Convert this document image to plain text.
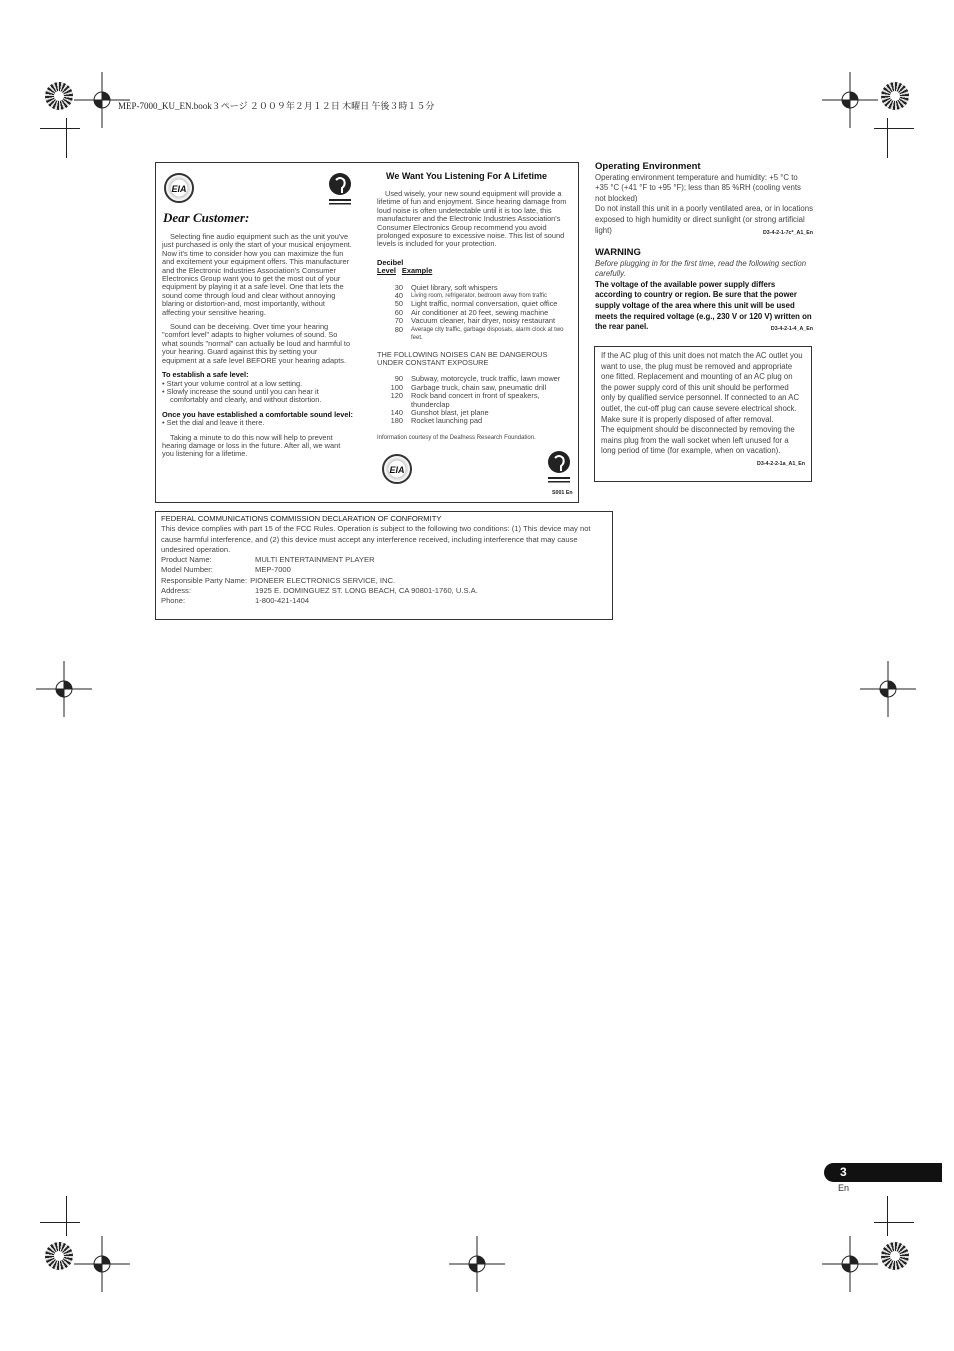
MEP-7000_KU_EN.book 3 ページ ２００９年２月１２日 木曜日 午後３時１５分
EIA
Dear Customer:

Selecting fine audio equipment such as the unit you've just purchased is only the start of your musical enjoyment. Now it's time to consider how you can maximize the fun and excitement your equipment offers. This manufacturer and the Electronic Industries Association's Consumer Electronics Group want you to get the most out of your equipment by playing it at a safe level. One that lets the sound come through loud and clear without annoying blaring or distortion-and, most importantly, without affecting your sensitive hearing.

Sound can be deceiving. Over time your hearing "comfort level" adapts to higher volumes of sound. So what sounds "normal" can actually be loud and harmful to your hearing. Guard against this by setting your equipment at a safe level BEFORE your hearing adapts.

To establish a safe level:
• Start your volume control at a low setting.
• Slowly increase the sound until you can hear it comfortably and clearly, and without distortion.
Once you have established a comfortable sound level:
• Set the dial and leave it there.

Taking a minute to do this now will help to prevent hearing damage or loss in the future. After all, we want you listening for a lifetime.

We Want You Listening For A Lifetime

Used wisely, your new sound equipment will provide a lifetime of fun and enjoyment. Since hearing damage from loud noise is often undetectable until it is too late, this manufacturer and the Electronic Industries Association's Consumer Electronics Group recommend you avoid prolonged exposure to excessive noise. This list of sound levels is included for your protection.

Decibel
Level Example
30	Quiet library, soft whispers
40	Living room, refrigerator, bedroom away from traffic
50	Light traffic, normal conversation, quiet office
60	Air conditioner at 20 feet, sewing machine
70	Vacuum cleaner, hair dryer, noisy restaurant
80	Average city traffic, garbage disposals, alarm clock at two feet.
THE FOLLOWING NOISES CAN BE DANGEROUS UNDER CONSTANT EXPOSURE
90	Subway, motorcycle, truck traffic, lawn mower
100	Garbage truck, chain saw, pneumatic drill
120	Rock band concert in front of speakers, thunderclap
140	Gunshot blast, jet plane
180	Rocket launching pad
Information courtesy of the Deafness Research Foundation.
EIA
S001 En
FEDERAL COMMUNICATIONS COMMISSION DECLARATION OF CONFORMITY
This device complies with part 15 of the FCC Rules. Operation is subject to the following two conditions: (1) This device may not cause harmful interference, and (2) this device must accept any interference received, including interference that may cause undesired operation.
Product Name:	MULTI ENTERTAINMENT PLAYER
Model Number:	MEP-7000
Responsible Party Name: PIONEER ELECTRONICS SERVICE, INC.
Address:	1925 E. DOMINGUEZ ST. LONG BEACH, CA 90801-1760, U.S.A.
Phone:	1-800-421-1404
Operating Environment
Operating environment temperature and humidity: +5 °C to +35 °C (+41 °F to +95 °F); less than 85 %RH (cooling vents not blocked)
Do not install this unit in a poorly ventilated area, or in locations exposed to high humidity or direct sunlight (or strong artificial light)	D3-4-2-1-7c*_A1_En
WARNING
Before plugging in for the first time, read the following section carefully.
The voltage of the available power supply differs according to country or region. Be sure that the power supply voltage of the area where this unit will be used meets the required voltage (e.g., 230 V or 120 V) written on the rear panel.	D3-4-2-1-4_A_En
If the AC plug of this unit does not match the AC outlet you want to use, the plug must be removed and appropriate one fitted. Replacement and mounting of an AC plug on the power supply cord of this unit should be performed only by qualified service personnel. If connected to an AC outlet, the cut-off plug can cause severe electrical shock. Make sure it is properly disposed of after removal.
The equipment should be disconnected by removing the mains plug from the wall socket when left unused for a long period of time (for example, when on vacation).
D3-4-2-2-1a_A1_En
3
En
